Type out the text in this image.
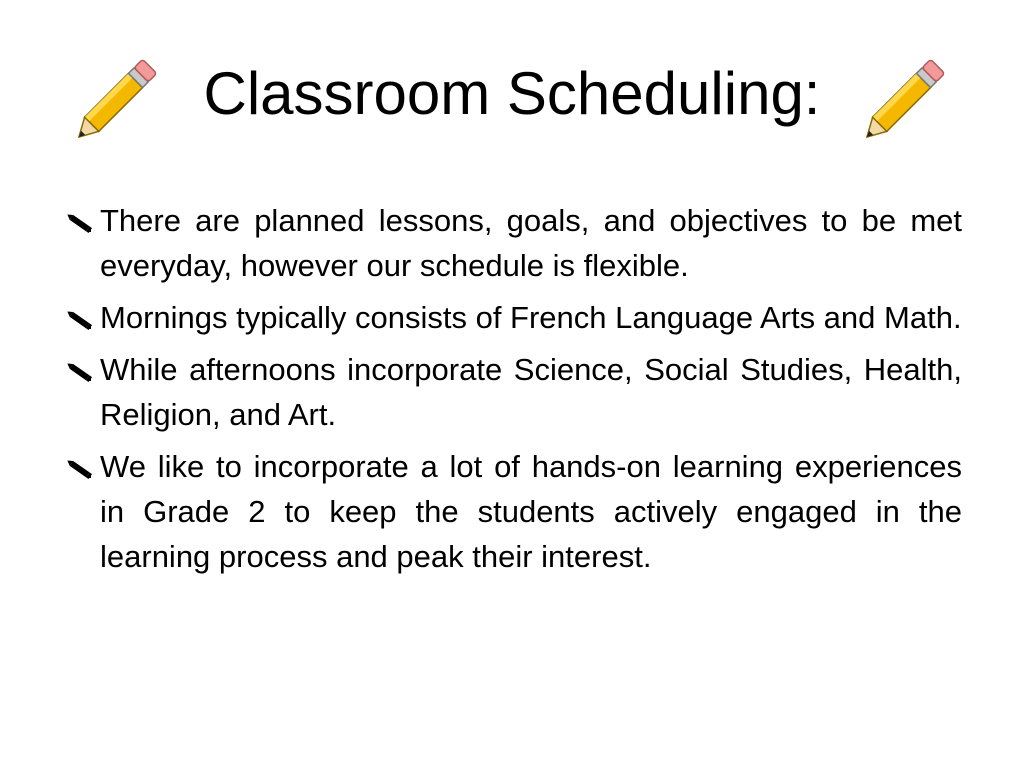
Classroom Scheduling:
There are planned lessons, goals, and objectives to be met everyday, however our schedule is flexible.
Mornings typically consists of French Language Arts and Math.
While afternoons incorporate Science, Social Studies, Health, Religion, and Art.
We like to incorporate a lot of hands-on learning experiences in Grade 2 to keep the students actively engaged in the learning process and peak their interest.
